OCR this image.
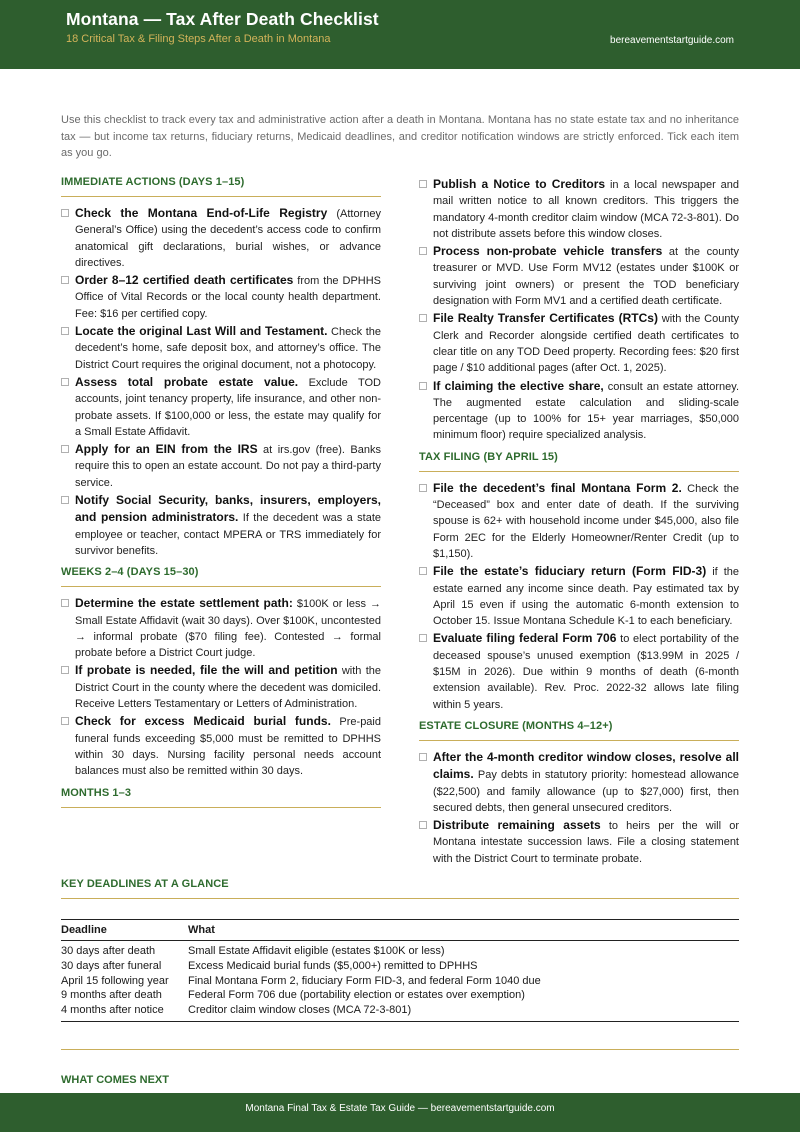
Montana — Tax After Death Checklist
18 Critical Tax & Filing Steps After a Death in Montana	bereavementstartguide.com

Use this checklist to track every tax and administrative action after a death in Montana. Montana has no state estate tax and no inheritance tax — but income tax returns, fiduciary returns, Medicaid deadlines, and creditor notification windows are strictly enforced. Tick each item as you go.

IMMEDIATE ACTIONS (DAYS 1–15)
Check the Montana End-of-Life Registry (Attorney General’s Office) using the decedent’s access code to confirm anatomical gift declarations, burial wishes, or advance directives.
Order 8–12 certified death certificates from the DPHHS Office of Vital Records or the local county health department. Fee: $16 per certified copy.
Locate the original Last Will and Testament. Check the decedent’s home, safe deposit box, and attorney’s office. The District Court requires the original document, not a photocopy.
Assess total probate estate value. Exclude TOD accounts, joint tenancy property, life insurance, and other non-probate assets. If $100,000 or less, the estate may qualify for a Small Estate Affidavit.
Apply for an EIN from the IRS at irs.gov (free). Banks require this to open an estate account. Do not pay a third-party service.
Notify Social Security, banks, insurers, employers, and pension administrators. If the decedent was a state employee or teacher, contact MPERA or TRS immediately for survivor benefits.
WEEKS 2–4 (DAYS 15–30)
Determine the estate settlement path: $100K or less → Small Estate Affidavit (wait 30 days). Over $100K, uncontested → informal probate ($70 filing fee). Contested → formal probate before a District Court judge.
If probate is needed, file the will and petition with the District Court in the county where the decedent was domiciled. Receive Letters Testamentary or Letters of Administration.
Check for excess Medicaid burial funds. Pre-paid funeral funds exceeding $5,000 must be remitted to DPHHS within 30 days. Nursing facility personal needs account balances must also be remitted within 30 days.
MONTHS 1–3
Publish a Notice to Creditors in a local newspaper and mail written notice to all known creditors. This triggers the mandatory 4-month creditor claim window (MCA 72-3-801). Do not distribute assets before this window closes.
Process non-probate vehicle transfers at the county treasurer or MVD. Use Form MV12 (estates under $100K or surviving joint owners) or present the TOD beneficiary designation with Form MV1 and a certified death certificate.
File Realty Transfer Certificates (RTCs) with the County Clerk and Recorder alongside certified death certificates to clear title on any TOD Deed property. Recording fees: $20 first page / $10 additional pages (after Oct. 1, 2025).
If claiming the elective share, consult an estate attorney. The augmented estate calculation and sliding-scale percentage (up to 100% for 15+ year marriages, $50,000 minimum floor) require specialized analysis.
TAX FILING (BY APRIL 15)
File the decedent’s final Montana Form 2. Check the “Deceased” box and enter date of death. If the surviving spouse is 62+ with household income under $45,000, also file Form 2EC for the Elderly Homeowner/Renter Credit (up to $1,150).
File the estate’s fiduciary return (Form FID-3) if the estate earned any income since death. Pay estimated tax by April 15 even if using the automatic 6-month extension to October 15. Issue Montana Schedule K-1 to each beneficiary.
Evaluate filing federal Form 706 to elect portability of the deceased spouse’s unused exemption ($13.99M in 2025 / $15M in 2026). Due within 9 months of death (6-month extension available). Rev. Proc. 2022-32 allows late filing within 5 years.
ESTATE CLOSURE (MONTHS 4–12+)
After the 4-month creditor window closes, resolve all claims. Pay debts in statutory priority: homestead allowance ($22,500) and family allowance (up to $27,000) first, then secured debts, then general unsecured creditors.
Distribute remaining assets to heirs per the will or Montana intestate succession laws. File a closing statement with the District Court to terminate probate.
KEY DEADLINES AT A GLANCE
Deadline	What
30 days after death	Small Estate Affidavit eligible (estates $100K or less)
30 days after funeral	Excess Medicaid burial funds ($5,000+) remitted to DPHHS
April 15 following year	Final Montana Form 2, fiduciary Form FID-3, and federal Form 1040 due
9 months after death	Federal Form 706 due (portability election or estates over exemption)
4 months after notice	Creditor claim window closes (MCA 72-3-801)
WHAT COMES NEXT
Montana Final Tax & Estate Tax Guide — bereavementstartguide.com
